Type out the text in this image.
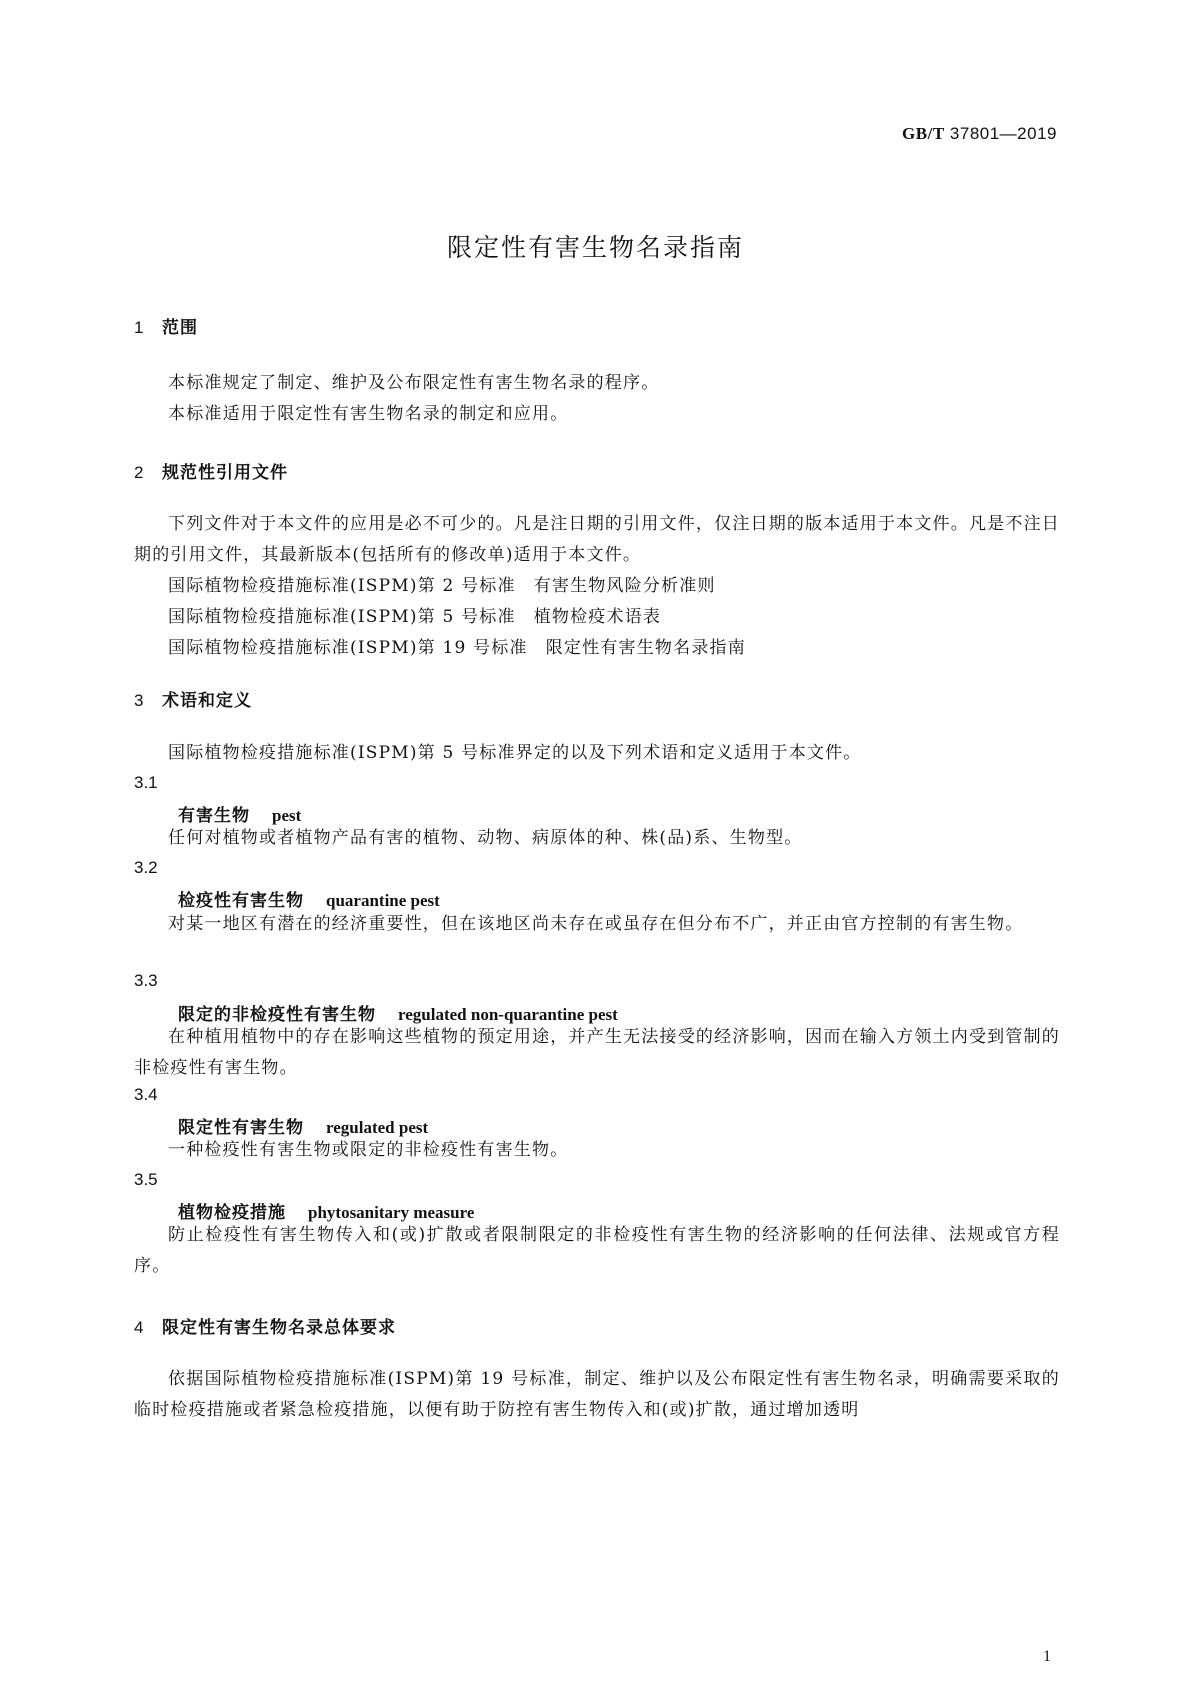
GB/T 37801—2019
限定性有害生物名录指南
1 范围

本标准规定了制定、维护及公布限定性有害生物名录的程序。

本标准适用于限定性有害生物名录的制定和应用。

2 规范性引用文件

下列文件对于本文件的应用是必不可少的。凡是注日期的引用文件，仅注日期的版本适用于本文件。凡是不注日期的引用文件，其最新版本(包括所有的修改单)适用于本文件。

国际植物检疫措施标准(ISPM)第 2 号标准 有害生物风险分析准则
国际植物检疫措施标准(ISPM)第 5 号标准 植物检疫术语表
国际植物检疫措施标准(ISPM)第 19 号标准 限定性有害生物名录指南
3 术语和定义

国际植物检疫措施标准(ISPM)第 5 号标准界定的以及下列术语和定义适用于本文件。

3.1
有害生物 pest

任何对植物或者植物产品有害的植物、动物、病原体的种、株(品)系、生物型。

3.2
检疫性有害生物 quarantine pest

对某一地区有潜在的经济重要性，但在该地区尚未存在或虽存在但分布不广，并正由官方控制的有害生物。

3.3
限定的非检疫性有害生物 regulated non-quarantine pest

在种植用植物中的存在影响这些植物的预定用途，并产生无法接受的经济影响，因而在输入方领土内受到管制的非检疫性有害生物。

3.4
限定性有害生物 regulated pest

一种检疫性有害生物或限定的非检疫性有害生物。

3.5
植物检疫措施 phytosanitary measure

防止检疫性有害生物传入和(或)扩散或者限制限定的非检疫性有害生物的经济影响的任何法律、法规或官方程序。

4 限定性有害生物名录总体要求

依据国际植物检疫措施标准(ISPM)第 19 号标准，制定、维护以及公布限定性有害生物名录，明确需要采取的临时检疫措施或者紧急检疫措施，以便有助于防控有害生物传入和(或)扩散，通过增加透明

1
